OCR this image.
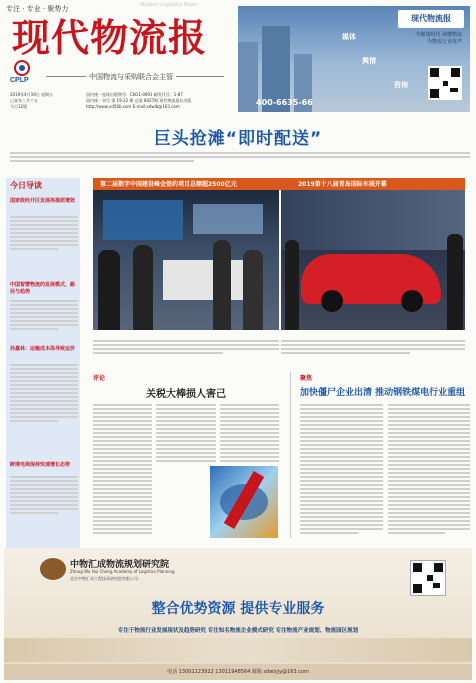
专注 · 专业 · 聚势力	Modern Logistics News
现代物流报
CPLP	中国物流与采购联合会主管
2019年4月19日 星期五
己亥年三月十五
今日12版
国内统一连续出版物号：CN11-0091 邮发代号：1-87
国内统一刊号 第 19-22 期 总第 8427期 现代物流报社出版
http://www.xd56b.com E-mail:xdwlb@163.com
现代物流报
今媒体时代 读懂物流
为物流行业发声
媒体
舆情
咨询
400-6635-66
巨头抢滩“即时配送”
今日导读
国家级经开区发展再提质增效
中国智慧物流的发展模式、路径与趋势
孙嘉林：运输成本高导致运价
跨境电商保持快速增长态势
第二届数字中国建设峰会签约项目总额超2500亿元	2019第十八届青岛国际车展开幕
评论
关税大棒损人害己
聚焦
加快僵尸企业出清 推动钢铁煤电行业重组
中物汇成物流规划研究院
Zhong Wu Hui Cheng Academy of Logistics Planning
北京中物汇成工程技术研究院有限公司
整合优势资源 提供专业服务
专注于物流行业发展现状及趋势研究 专注知名物流企业模式研究 专注物流产业规划、物流园区规划
电话 13001123922 13011948564 邮箱 zdwlyjy@163.com
